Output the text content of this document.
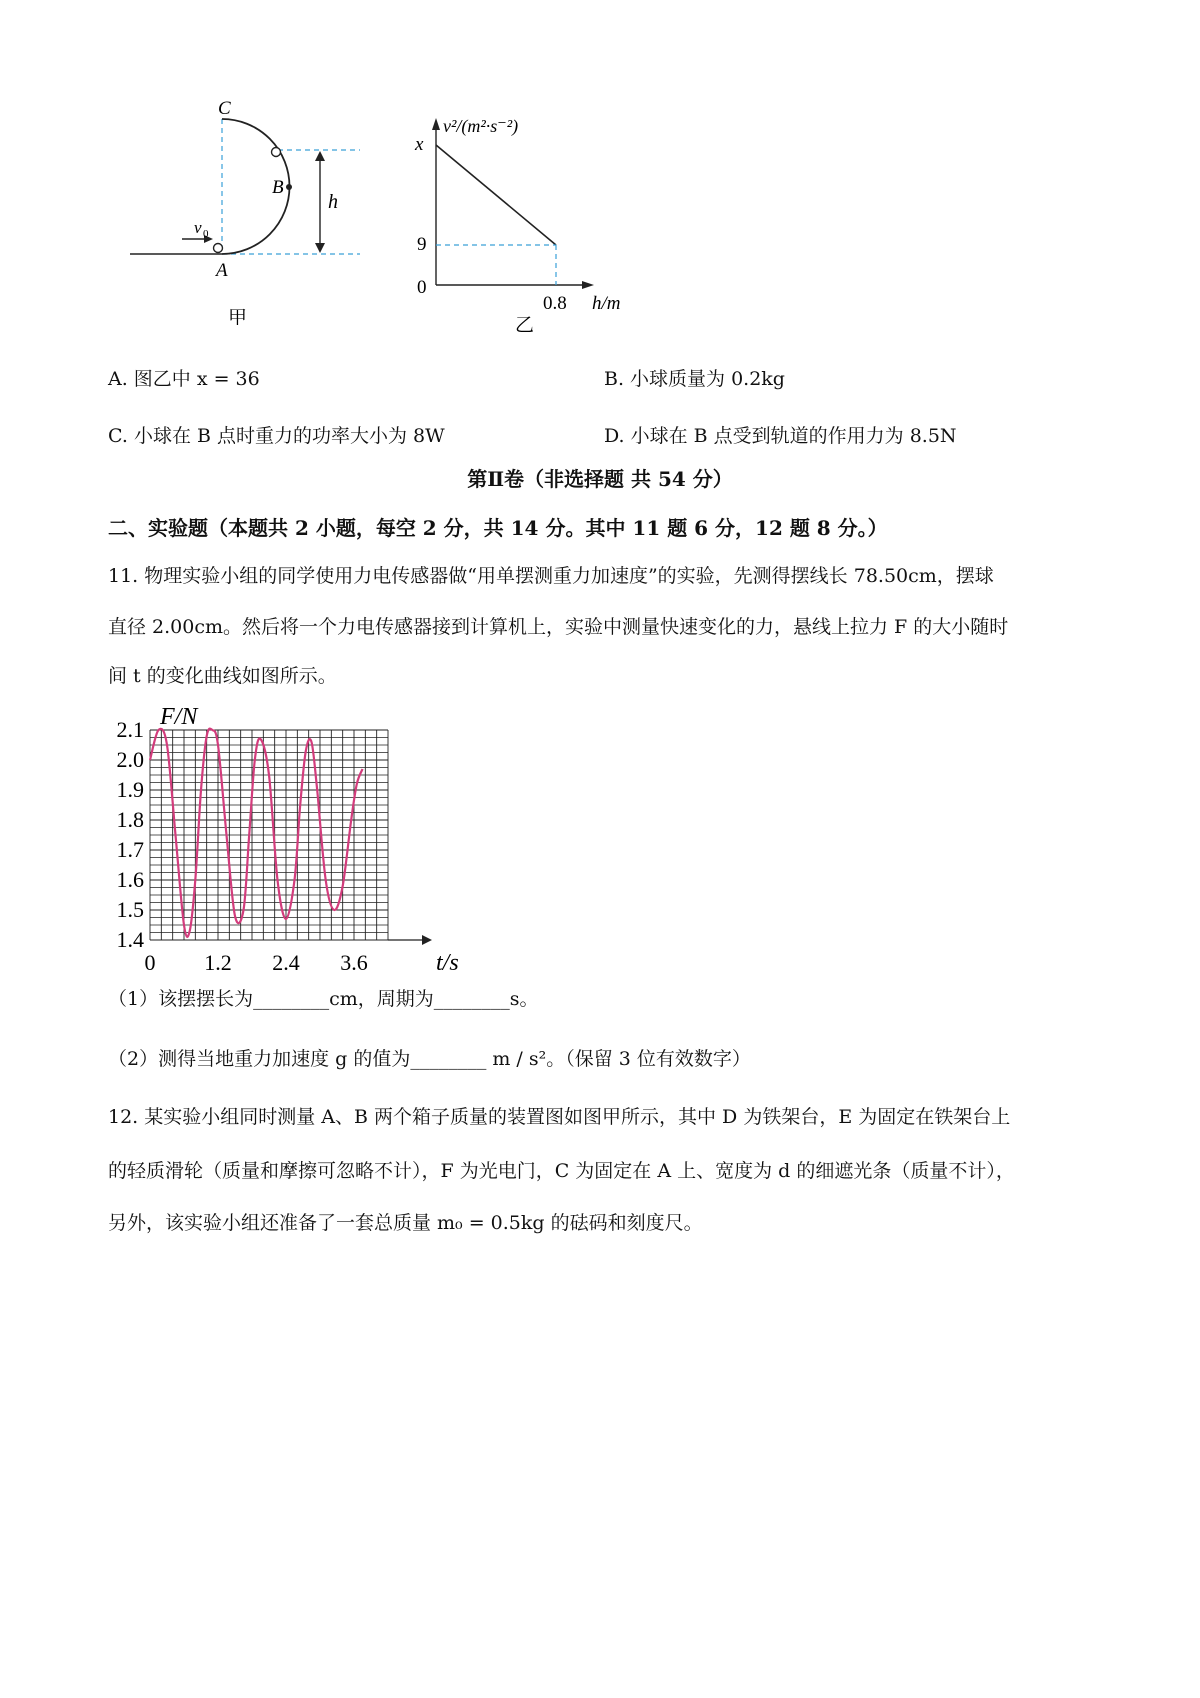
C
B
A
h
v 0
甲
v²/(m²·s⁻²)
x
9
0
0.8 h/m
乙
A. 图乙中 x = 36	B. 小球质量为 0.2kg
C. 小球在 B 点时重力的功率大小为 8W	D. 小球在 B 点受到轨道的作用力为 8.5N
第Ⅱ卷（非选择题 共 54 分）
二、实验题（本题共 2 小题，每空 2 分，共 14 分。其中 11 题 6 分，12 题 8 分。）
11. 物理实验小组的同学使用力电传感器做“用单摆测重力加速度”的实验，先测得摆线长 78.50cm，摆球
直径 2.00cm。然后将一个力电传感器接到计算机上，实验中测量快速变化的力，悬线上拉力 F 的大小随时
间 t 的变化曲线如图所示。
1.4
1.5
1.6
1.7
1.8
1.9
2.0
2.1
0 1.2 2.4 3.6
F/N
t/s
（1）该摆摆长为________cm，周期为________s。
（2）测得当地重力加速度 g 的值为________ m / s²。（保留 3 位有效数字）
12. 某实验小组同时测量 A、B 两个箱子质量的装置图如图甲所示，其中 D 为铁架台，E 为固定在铁架台上
的轻质滑轮（质量和摩擦可忽略不计），F 为光电门，C 为固定在 A 上、宽度为 d 的细遮光条（质量不计），
另外，该实验小组还准备了一套总质量 m₀ = 0.5kg 的砝码和刻度尺。
